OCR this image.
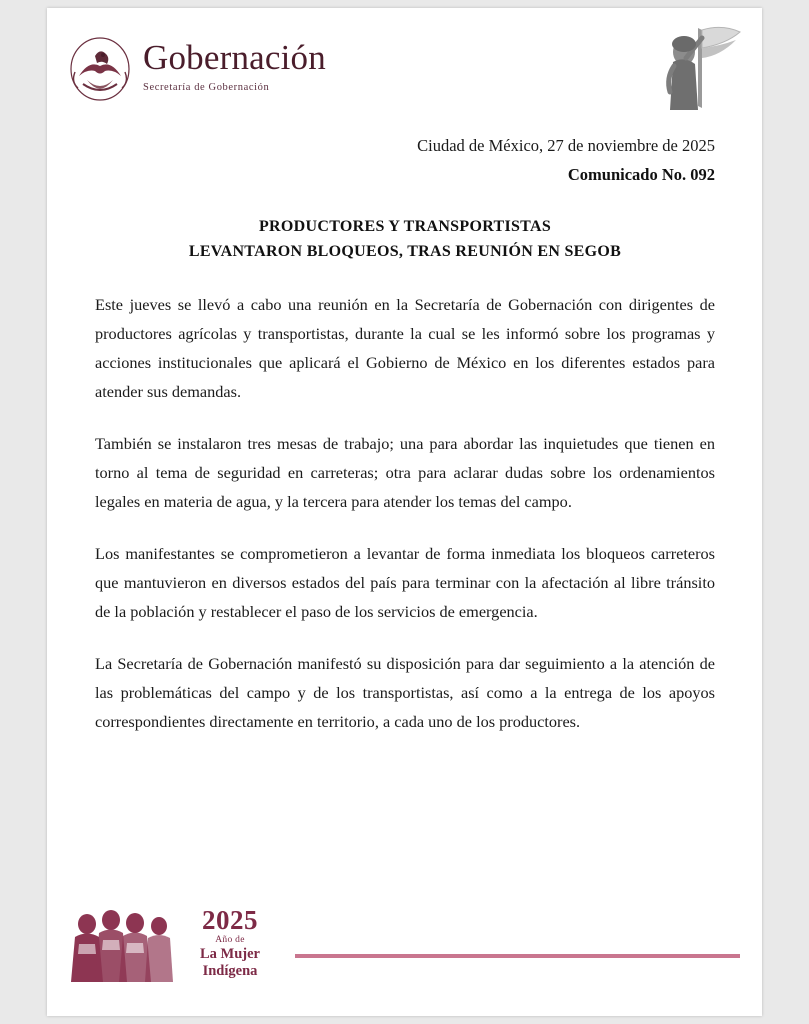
Gobernación
Secretaría de Gobernación
Ciudad de México, 27 de noviembre de 2025
Comunicado No. 092
PRODUCTORES Y TRANSPORTISTAS
LEVANTARON BLOQUEOS, TRAS REUNIÓN EN SEGOB

Este jueves se llevó a cabo una reunión en la Secretaría de Gobernación con dirigentes de productores agrícolas y transportistas, durante la cual se les informó sobre los programas y acciones institucionales que aplicará el Gobierno de México en los diferentes estados para atender sus demandas.

También se instalaron tres mesas de trabajo; una para abordar las inquietudes que tienen en torno al tema de seguridad en carreteras; otra para aclarar dudas sobre los ordenamientos legales en materia de agua, y la tercera para atender los temas del campo.

Los manifestantes se comprometieron a levantar de forma inmediata los bloqueos carreteros que mantuvieron en diversos estados del país para terminar con la afectación al libre tránsito de la población y restablecer el paso de los servicios de emergencia.

La Secretaría de Gobernación manifestó su disposición para dar seguimiento a la atención de las problemáticas del campo y de los transportistas, así como a la entrega de los apoyos correspondientes directamente en territorio, a cada uno de los productores.

2025
Año de
La Mujer
Indígena
